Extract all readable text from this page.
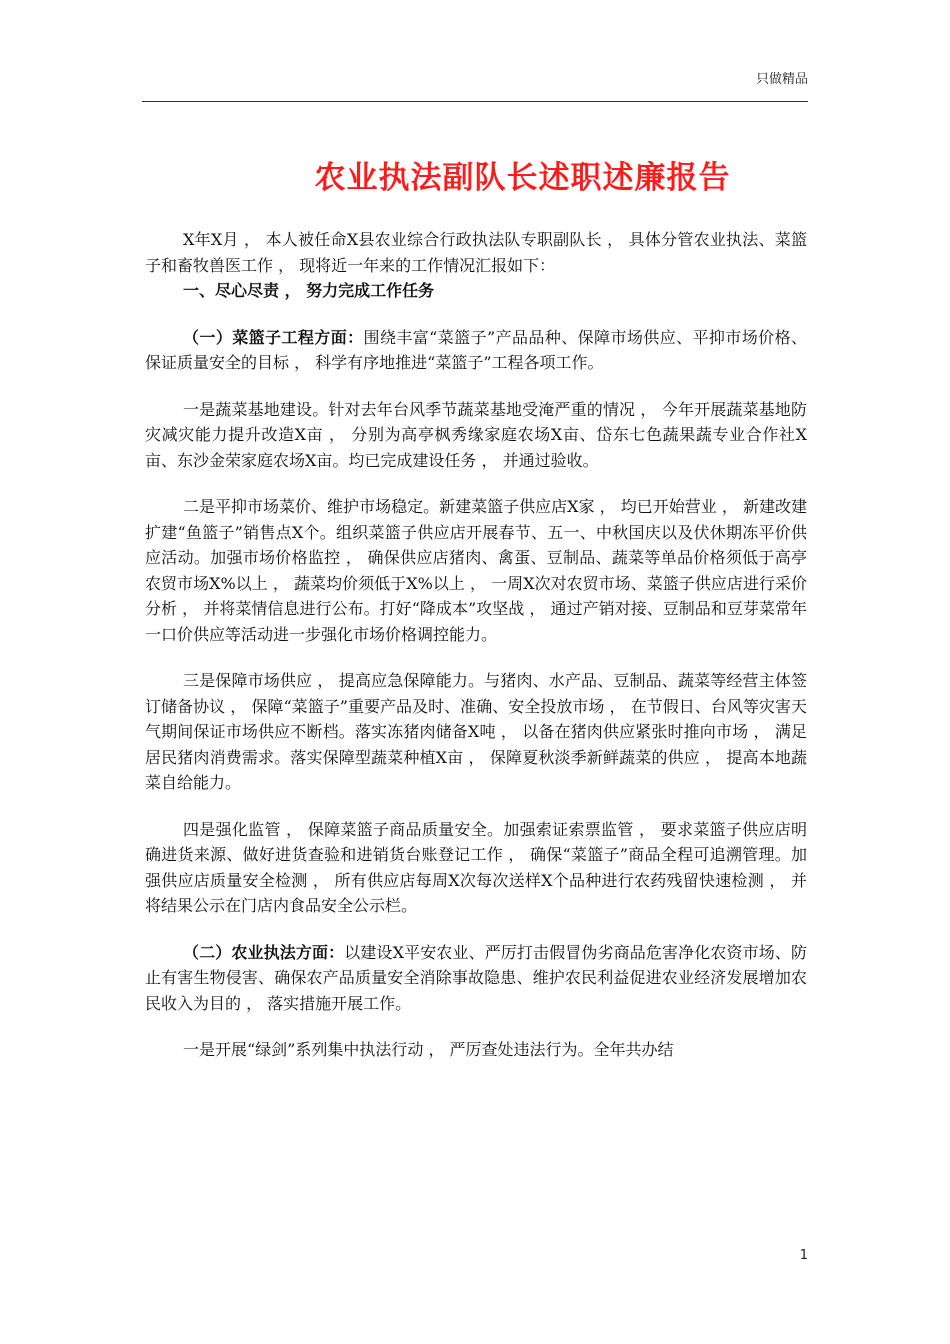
只做精品
农业执法副队长述职述廉报告

X年X月 ， 本人被任命X县农业综合行政执法队专职副队长 ， 具体分管农业执法、菜篮子和畜牧兽医工作 ， 现将近一年来的工作情况汇报如下：

一、尽心尽责 ， 努力完成工作任务

（一）菜篮子工程方面：围绕丰富“菜篮子”产品品种、保障市场供应、平抑市场价格、保证质量安全的目标 ， 科学有序地推进“菜篮子”工程各项工作。

一是蔬菜基地建设。针对去年台风季节蔬菜基地受淹严重的情况 ， 今年开展蔬菜基地防灾减灾能力提升改造X亩 ， 分别为高亭枫秀缘家庭农场X亩、岱东七色蔬果蔬专业合作社X亩、东沙金荣家庭农场X亩。均已完成建设任务 ， 并通过验收。

二是平抑市场菜价、维护市场稳定。新建菜篮子供应店X家 ， 均已开始营业 ， 新建改建扩建“鱼篮子”销售点X个。组织菜篮子供应店开展春节、五一、中秋国庆以及伏休期冻平价供应活动。加强市场价格监控 ， 确保供应店猪肉、禽蛋、豆制品、蔬菜等单品价格须低于高亭农贸市场X%以上 ， 蔬菜均价须低于X%以上 ， 一周X次对农贸市场、菜篮子供应店进行采价分析 ， 并将菜情信息进行公布。打好“降成本”攻坚战 ， 通过产销对接、豆制品和豆芽菜常年一口价供应等活动进一步强化市场价格调控能力。

三是保障市场供应 ， 提高应急保障能力。与猪肉、水产品、豆制品、蔬菜等经营主体签订储备协议 ， 保障“菜篮子”重要产品及时、准确、安全投放市场 ， 在节假日、台风等灾害天气期间保证市场供应不断档。落实冻猪肉储备X吨 ， 以备在猪肉供应紧张时推向市场 ， 满足居民猪肉消费需求。落实保障型蔬菜种植X亩 ， 保障夏秋淡季新鲜蔬菜的供应 ， 提高本地蔬菜自给能力。

四是强化监管 ， 保障菜篮子商品质量安全。加强索证索票监管 ， 要求菜篮子供应店明确进货来源、做好进货查验和进销货台账登记工作 ， 确保“菜篮子”商品全程可追溯管理。加强供应店质量安全检测 ， 所有供应店每周X次每次送样X个品种进行农药残留快速检测 ， 并将结果公示在门店内食品安全公示栏。

（二）农业执法方面：以建设X平安农业、严厉打击假冒伪劣商品危害净化农资市场、防止有害生物侵害、确保农产品质量安全消除事故隐患、维护农民利益促进农业经济发展增加农民收入为目的 ， 落实措施开展工作。

一是开展“绿剑”系列集中执法行动 ， 严厉查处违法行为。全年共办结

1
